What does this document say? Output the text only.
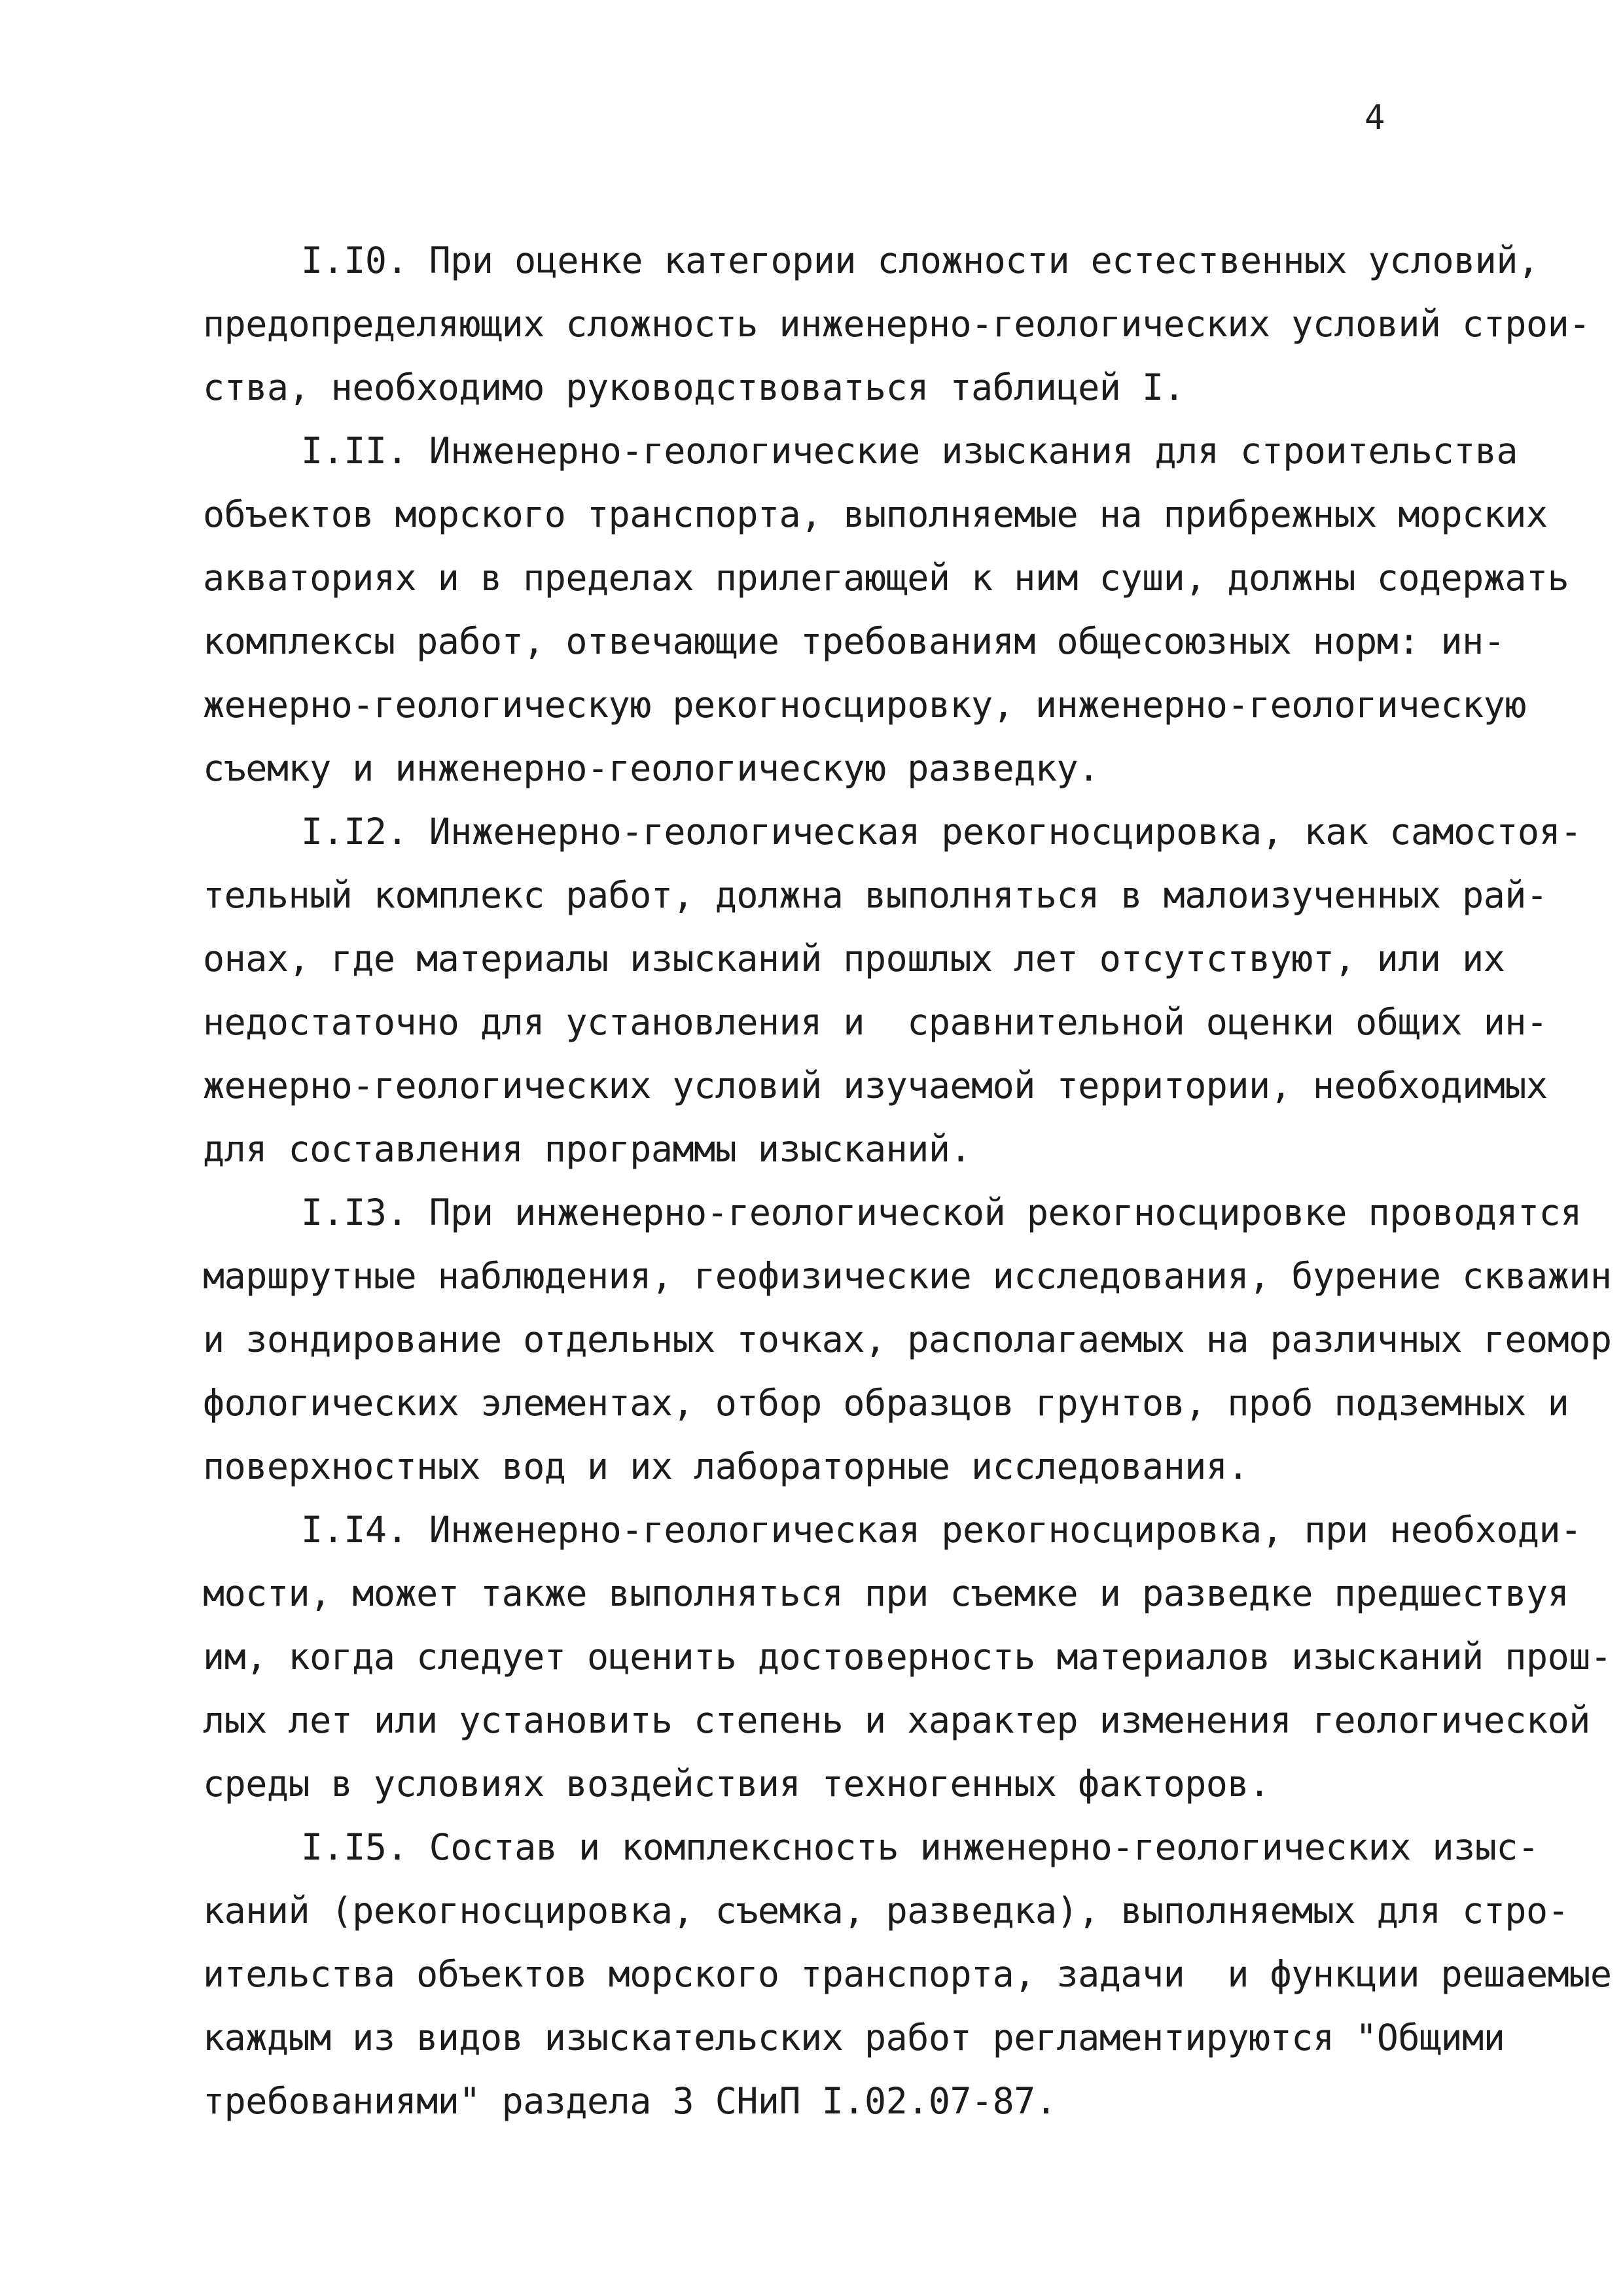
4
I.I0. При оценке категории сложности естественных условий,
предопределяющих сложность инженерно-геологических условий строи-
ства, необходимо руководствоваться таблицей I.
I.II. Инженерно-геологические изыскания для строительства
объектов морского транспорта, выполняемые на прибрежных морских
акваториях и в пределах прилегающей к ним суши, должны содержать
комплексы работ, отвечающие требованиям общесоюзных норм: ин-
женерно-геологическую рекогносцировку, инженерно-геологическую
съемку и инженерно-геологическую разведку.
I.I2. Инженерно-геологическая рекогносцировка, как самостоя-
тельный комплекс работ, должна выполняться в малоизученных рай-
онах, где материалы изысканий прошлых лет отсутствуют, или их
недостаточно для установления и  сравнительной оценки общих ин-
женерно-геологических условий изучаемой территории, необходимых
для составления программы изысканий.
I.I3. При инженерно-геологической рекогносцировке проводятся
маршрутные наблюдения, геофизические исследования, бурение скважин
и зондирование отдельных точках, располагаемых на различных геомор
фологических элементах, отбор образцов грунтов, проб подземных и
поверхностных вод и их лабораторные исследования.
I.I4. Инженерно-геологическая рекогносцировка, при необходи-
мости, может также выполняться при съемке и разведке предшествуя
им, когда следует оценить достоверность материалов изысканий прош-
лых лет или установить степень и характер изменения геологической
среды в условиях воздействия техногенных факторов.
I.I5. Состав и комплексность инженерно-геологических изыс-
каний (рекогносцировка, съемка, разведка), выполняемых для стро-
ительства объектов морского транспорта, задачи  и функции решаемые
каждым из видов изыскательских работ регламентируются "Общими
требованиями" раздела 3 СНиП I.02.07-87.
